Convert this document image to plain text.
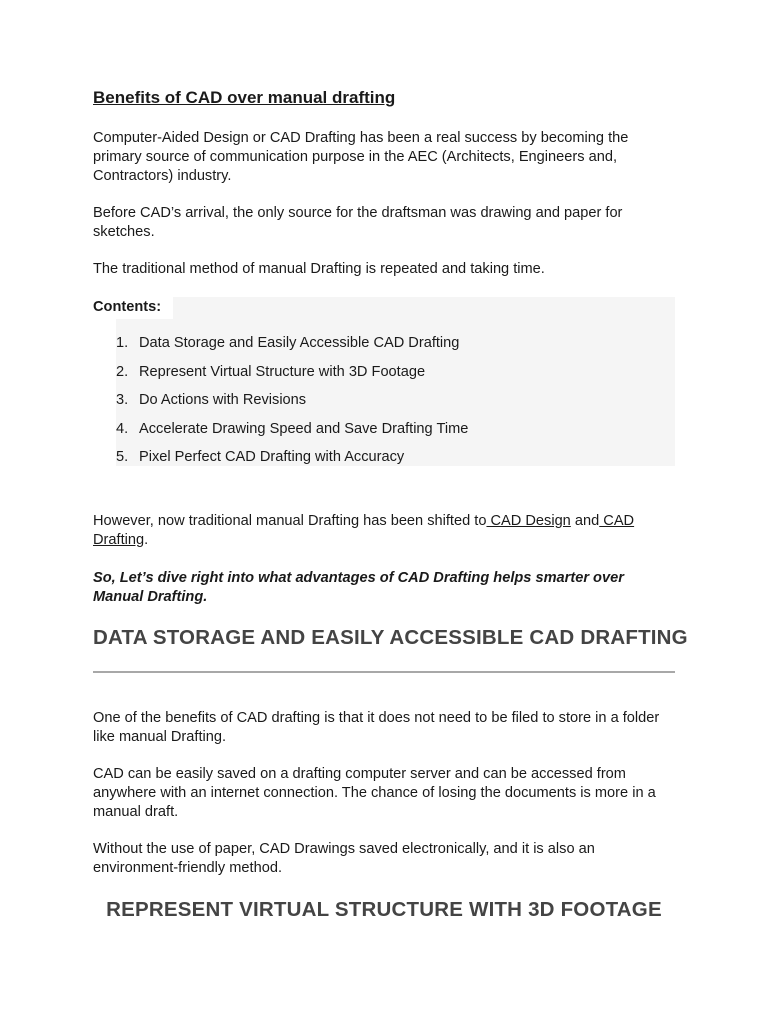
Benefits of CAD over manual drafting

Computer-Aided Design or CAD Drafting has been a real success by becoming the primary source of communication purpose in the AEC (Architects, Engineers and, Contractors) industry.

Before CAD’s arrival, the only source for the draftsman was drawing and paper for sketches.

The traditional method of manual Drafting is repeated and taking time.

Contents:
1. Data Storage and Easily Accessible CAD Drafting
2. Represent Virtual Structure with 3D Footage
3. Do Actions with Revisions
4. Accelerate Drawing Speed and Save Drafting Time
5. Pixel Perfect CAD Drafting with Accuracy

However, now traditional manual Drafting has been shifted to CAD Design and CAD Drafting.

So, Let’s dive right into what advantages of CAD Drafting helps smarter over Manual Drafting.

DATA STORAGE AND EASILY ACCESSIBLE CAD DRAFTING

One of the benefits of CAD drafting is that it does not need to be filed to store in a folder like manual Drafting.

CAD can be easily saved on a drafting computer server and can be accessed from anywhere with an internet connection. The chance of losing the documents is more in a manual draft.

Without the use of paper, CAD Drawings saved electronically, and it is also an environment-friendly method.

REPRESENT VIRTUAL STRUCTURE WITH 3D FOOTAGE
